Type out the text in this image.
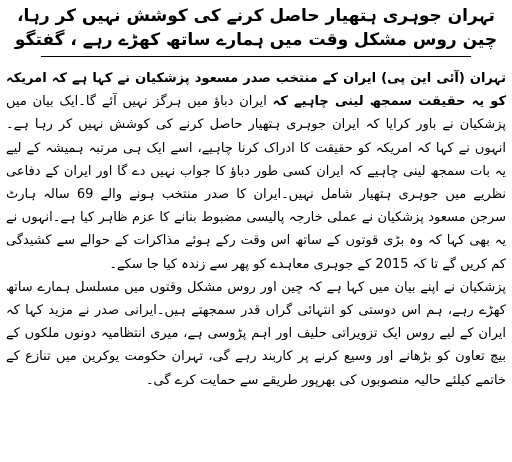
تہران جوہری ہتھیار حاصل کرنے کی کوشش نہیں کر رہا، چین روس مشکل وقت میں ہمارے ساتھ کھڑے رہے ، گفتگو

تہران (آئی این پی) ایران کے منتخب صدر مسعود پزشکیان نے کہا ہے کہ امریکہ کو یہ حقیقت سمجھ لینی چاہیے کہ ایران دباؤ میں ہرگز نہیں آئے گا۔ایک بیان میں پزشکیان نے باور کرایا کہ ایران جوہری ہتھیار حاصل کرنے کی کوشش نہیں کر رہا ہے۔انہوں نے کہا کہ امریکہ کو حقیقت کا ادراک کرنا چاہیے، اسے ایک ہی مرتبہ ہمیشہ کے لیے یہ بات سمجھ لینی چاہیے کہ ایران کسی طور دباؤ کا جواب نہیں دے گا اور ایران کے دفاعی نظریے میں جوہری ہتھیار شامل نہیں۔ایران کا صدر منتخب ہونے والے 69 سالہ ہارٹ سرجن مسعود پزشکیان نے عملی خارجہ پالیسی مضبوط بنانے کا عزم ظاہر کیا ہے۔انہوں نے یہ بھی کہا کہ وہ بڑی قوتوں کے ساتھ اس وقت رکے ہوئے مذاکرات کے حوالے سے کشیدگی کم کریں گے تا کہ 2015 کے جوہری معاہدے کو پھر سے زندہ کیا جا سکے۔

پزشکیان نے اپنے بیان میں کہا ہے کہ چین اور روس مشکل وقتوں میں مسلسل ہمارے ساتھ کھڑے رہے، ہم اس دوستی کو انتہائی گراں قدر سمجھتے ہیں۔ایرانی صدر نے مزید کہا کہ ایران کے لیے روس ایک تزویراتی حلیف اور اہم پڑوسی ہے، میری انتظامیہ دونوں ملکوں کے بیچ تعاون کو بڑھانے اور وسیع کرنے پر کاربند رہے گی، تہران حکومت یوکرین میں تنازع کے خاتمے کیلئے حالیہ منصوبوں کی بھرپور طریقے سے حمایت کرے گی۔
